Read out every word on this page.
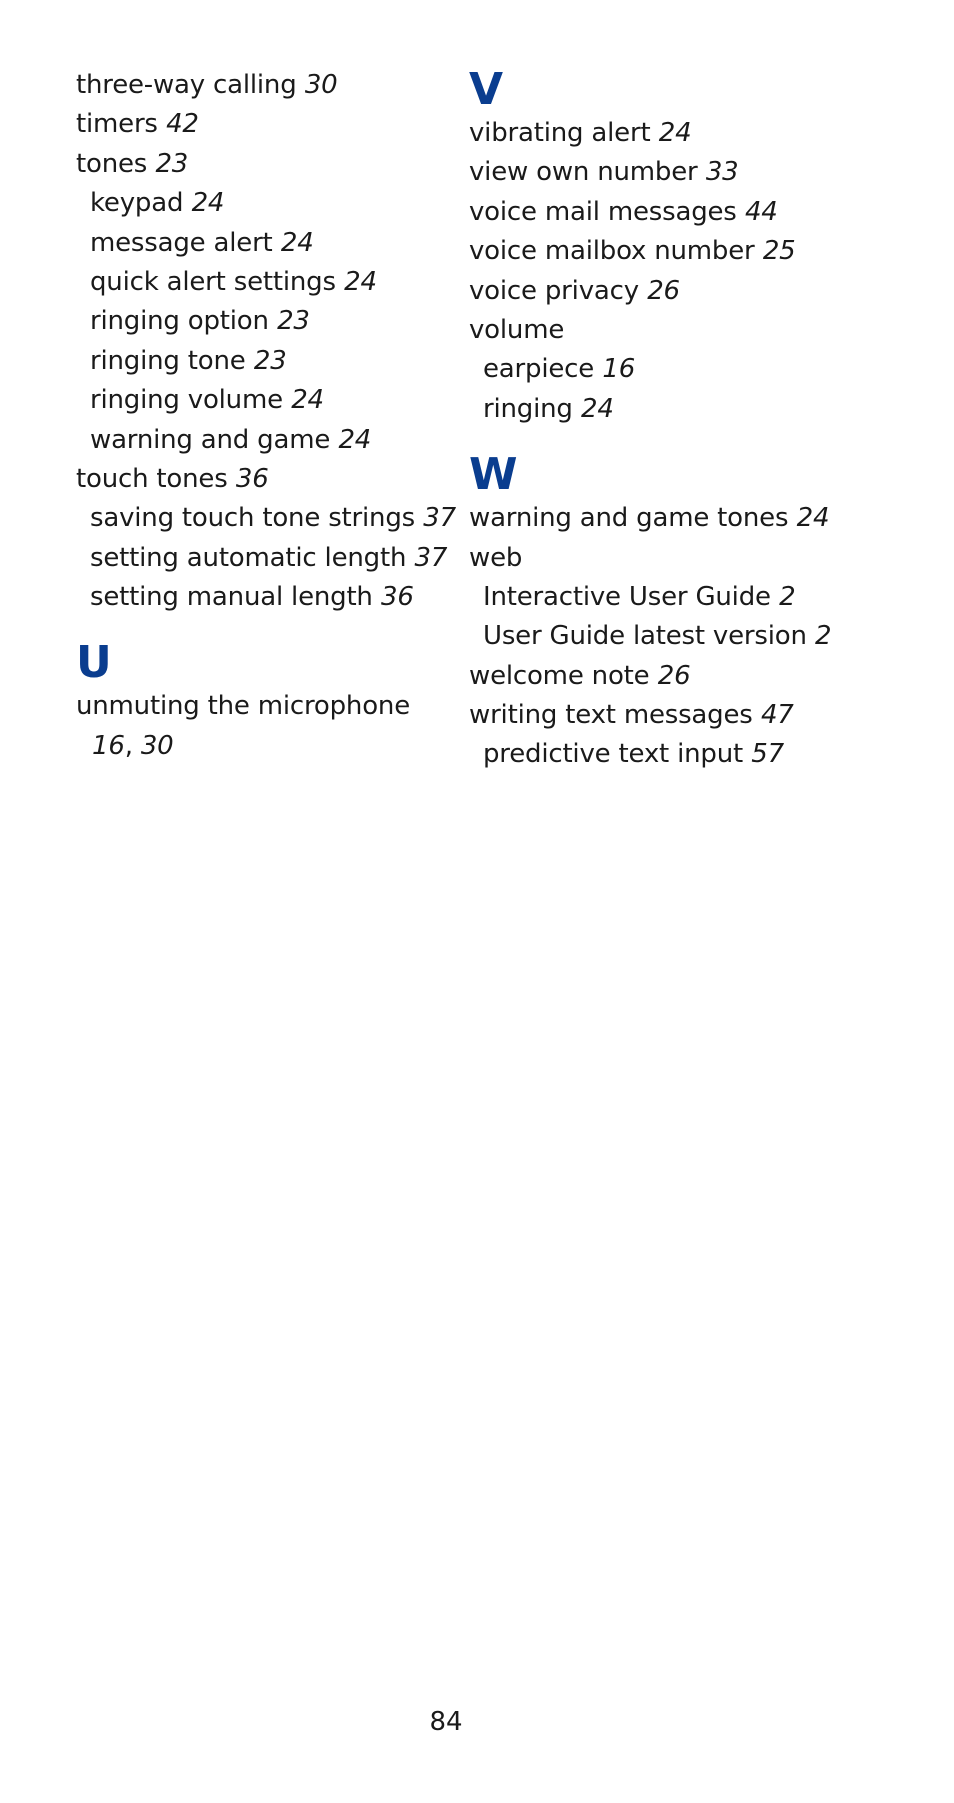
three-way calling 30
timers 42
tones 23
keypad 24
message alert 24
quick alert settings 24
ringing option 23
ringing tone 23
ringing volume 24
warning and game 24
touch tones 36
saving touch tone strings 37
setting automatic length 37
setting manual length 36
U
unmuting the microphone
16, 30
V
vibrating alert 24
view own number 33
voice mail messages 44
voice mailbox number 25
voice privacy 26
volume
earpiece 16
ringing 24
W
warning and game tones 24
web
Interactive User Guide 2
User Guide latest version 2
welcome note 26
writing text messages 47
predictive text input 57
84
